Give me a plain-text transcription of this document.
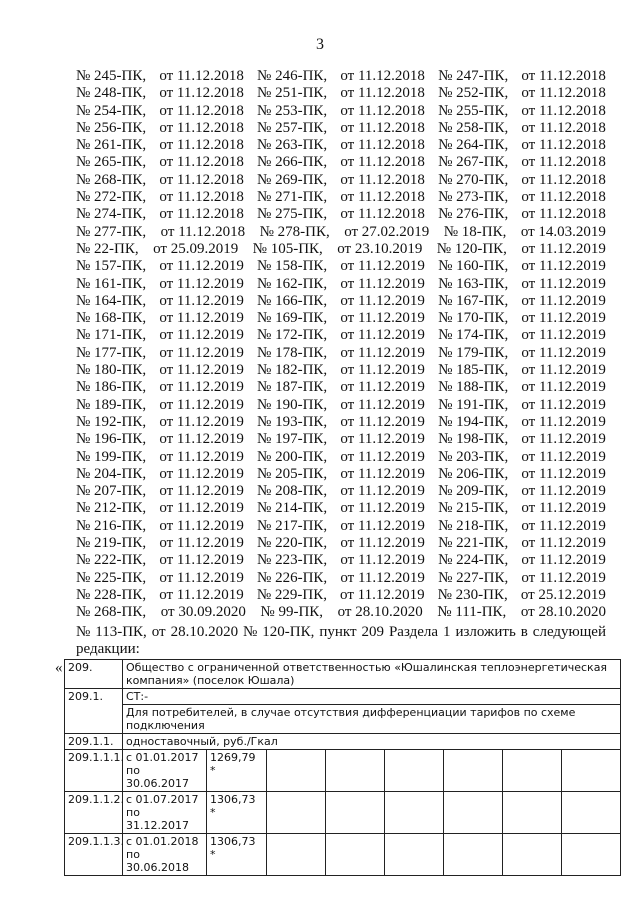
3
№ 245-ПК, от 11.12.2018 № 246-ПК, от 11.12.2018 № 247-ПК, от 11.12.2018
№ 248-ПК, от 11.12.2018 № 251-ПК, от 11.12.2018 № 252-ПК, от 11.12.2018
№ 254-ПК, от 11.12.2018 № 253-ПК, от 11.12.2018 № 255-ПК, от 11.12.2018
№ 256-ПК, от 11.12.2018 № 257-ПК, от 11.12.2018 № 258-ПК, от 11.12.2018
№ 261-ПК, от 11.12.2018 № 263-ПК, от 11.12.2018 № 264-ПК, от 11.12.2018
№ 265-ПК, от 11.12.2018 № 266-ПК, от 11.12.2018 № 267-ПК, от 11.12.2018
№ 268-ПК, от 11.12.2018 № 269-ПК, от 11.12.2018 № 270-ПК, от 11.12.2018
№ 272-ПК, от 11.12.2018 № 271-ПК, от 11.12.2018 № 273-ПК, от 11.12.2018
№ 274-ПК, от 11.12.2018 № 275-ПК, от 11.12.2018 № 276-ПК, от 11.12.2018
№ 277-ПК, от 11.12.2018 № 278-ПК, от 27.02.2019 № 18-ПК, от 14.03.2019
№ 22-ПК, от 25.09.2019 № 105-ПК, от 23.10.2019 № 120-ПК, от 11.12.2019
№ 157-ПК, от 11.12.2019 № 158-ПК, от 11.12.2019 № 160-ПК, от 11.12.2019
№ 161-ПК, от 11.12.2019 № 162-ПК, от 11.12.2019 № 163-ПК, от 11.12.2019
№ 164-ПК, от 11.12.2019 № 166-ПК, от 11.12.2019 № 167-ПК, от 11.12.2019
№ 168-ПК, от 11.12.2019 № 169-ПК, от 11.12.2019 № 170-ПК, от 11.12.2019
№ 171-ПК, от 11.12.2019 № 172-ПК, от 11.12.2019 № 174-ПК, от 11.12.2019
№ 177-ПК, от 11.12.2019 № 178-ПК, от 11.12.2019 № 179-ПК, от 11.12.2019
№ 180-ПК, от 11.12.2019 № 182-ПК, от 11.12.2019 № 185-ПК, от 11.12.2019
№ 186-ПК, от 11.12.2019 № 187-ПК, от 11.12.2019 № 188-ПК, от 11.12.2019
№ 189-ПК, от 11.12.2019 № 190-ПК, от 11.12.2019 № 191-ПК, от 11.12.2019
№ 192-ПК, от 11.12.2019 № 193-ПК, от 11.12.2019 № 194-ПК, от 11.12.2019
№ 196-ПК, от 11.12.2019 № 197-ПК, от 11.12.2019 № 198-ПК, от 11.12.2019
№ 199-ПК, от 11.12.2019 № 200-ПК, от 11.12.2019 № 203-ПК, от 11.12.2019
№ 204-ПК, от 11.12.2019 № 205-ПК, от 11.12.2019 № 206-ПК, от 11.12.2019
№ 207-ПК, от 11.12.2019 № 208-ПК, от 11.12.2019 № 209-ПК, от 11.12.2019
№ 212-ПК, от 11.12.2019 № 214-ПК, от 11.12.2019 № 215-ПК, от 11.12.2019
№ 216-ПК, от 11.12.2019 № 217-ПК, от 11.12.2019 № 218-ПК, от 11.12.2019
№ 219-ПК, от 11.12.2019 № 220-ПК, от 11.12.2019 № 221-ПК, от 11.12.2019
№ 222-ПК, от 11.12.2019 № 223-ПК, от 11.12.2019 № 224-ПК, от 11.12.2019
№ 225-ПК, от 11.12.2019 № 226-ПК, от 11.12.2019 № 227-ПК, от 11.12.2019
№ 228-ПК, от 11.12.2019 № 229-ПК, от 11.12.2019 № 230-ПК, от 25.12.2019
№ 268-ПК, от 30.09.2020 № 99-ПК, от 28.10.2020 № 111-ПК, от 28.10.2020
№ 113-ПК, от 28.10.2020 № 120-ПК, пункт 209 Раздела 1 изложить в следующей
редакции:
« 209.	Общество с ограниченной ответственностью «Юшалинская теплоэнергетическая компания» (поселок Юшала)							
209.1.	СТ:-							
	Для потребителей, в случае отсутствия дифференциации тарифов по схеме подключения							
209.1.1.	одноставочный, руб./Гкал							
209.1.1.1.	с 01.01.2017 по 30.06.2017	1269,79 *						
209.1.1.2.	с 01.07.2017 по 31.12.2017	1306,73 *						
209.1.1.3.	с 01.01.2018 по 30.06.2018	1306,73 *						
